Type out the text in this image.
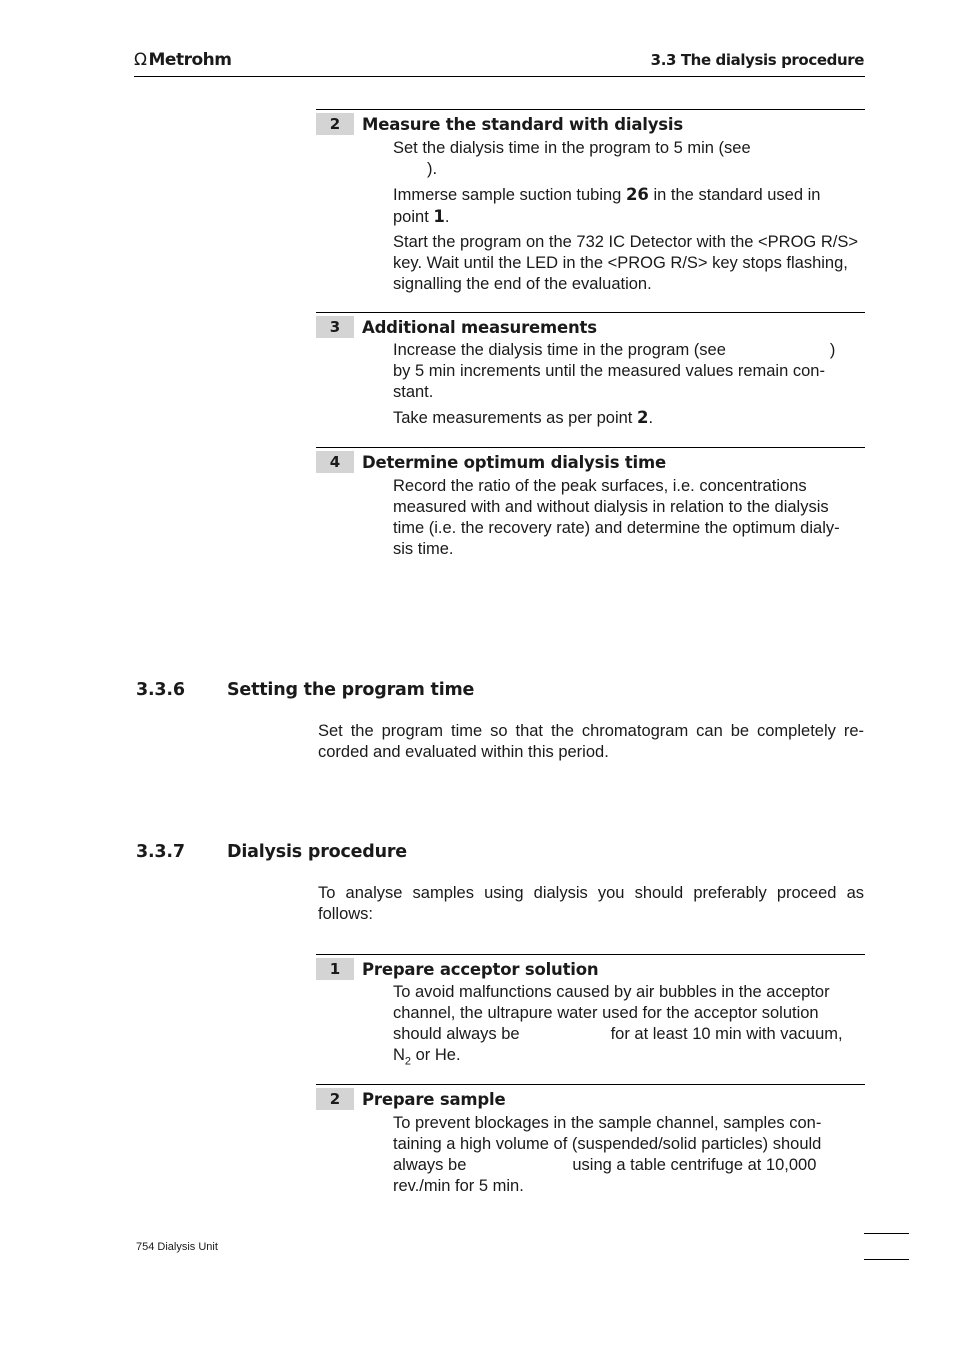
Ω Metrohm	3.3 The dialysis procedure
2	Measure the standard with dialysis
Set the dialysis time in the program to 5 min (see
).
Immerse sample suction tubing 26 in the standard used in point 1.
Start the program on the 732 IC Detector with the <PROG R/S> key. Wait until the LED in the <PROG R/S> key stops flashing, signalling the end of the evaluation.
3	Additional measurements
Increase the dialysis time in the program (see	)
by 5 min increments until the measured values remain con-stant.
Take measurements as per point 2.
4	Determine optimum dialysis time
Record the ratio of the peak surfaces, i.e. concentrations measured with and without dialysis in relation to the dialysis time (i.e. the recovery rate) and determine the optimum dialy-sis time.
3.3.6 Setting the program time
Set the program time so that the chromatogram can be completely re-corded and evaluated within this period.
3.3.7 Dialysis procedure
To analyse samples using dialysis you should preferably proceed as follows:
1	Prepare acceptor solution
To avoid malfunctions caused by air bubbles in the acceptor
channel, the ultrapure water used for the acceptor solution
should always be	for at least 10 min with vacuum,
$N_2$ or He.
2	Prepare sample
To prevent blockages in the sample channel, samples con-
taining a high volume of (suspended/solid particles) should
always be	using a table centrifuge at 10,000
rev./min for 5 min.
754 Dialysis Unit
